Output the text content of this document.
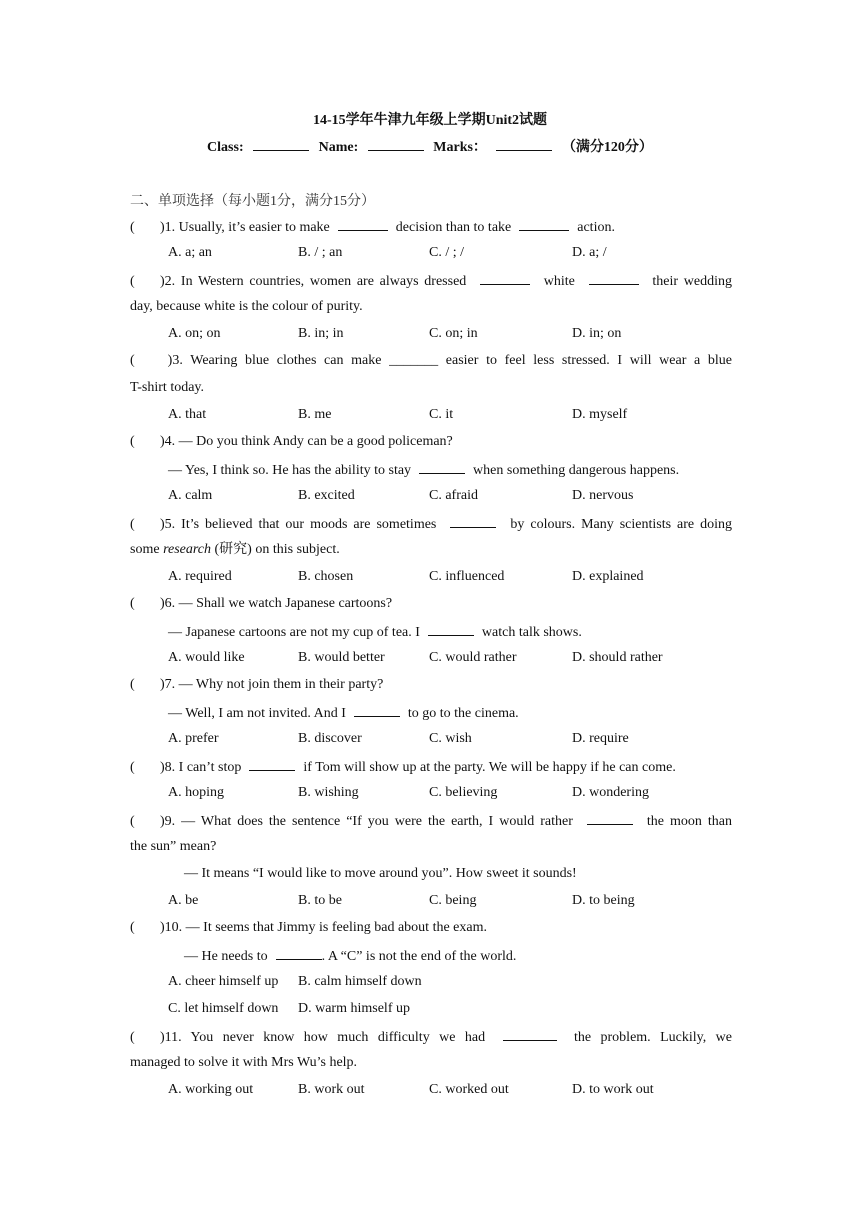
14-15学年牛津九年级上学期Unit2试题
Class:	Name:	Marks：	（满分120分）
二、单项选择（每小题1分，满分15分）
( )1. Usually, it’s easier to make	decision than to take	action.
A. a; an	B. / ; an	C. / ; /	D. a; /
( )2. In Western countries, women are always dressed	white	their wedding
day, because white is the colour of purity.
A. on; on	B. in; in	C. on; in	D. in; on
( )3. Wearing blue clothes can make _______ easier to feel less stressed. I will wear a blue
T-shirt today.
A. that	B. me	C. it	D. myself
( )4. — Do you think Andy can be a good policeman?
— Yes, I think so. He has the ability to stay	when something dangerous happens.
A. calm	B. excited	C. afraid	D. nervous
( )5. It’s believed that our moods are sometimes	by colours. Many scientists are doing
some research (研究) on this subject.
A. required	B. chosen	C. influenced	D. explained
( )6. — Shall we watch Japanese cartoons?
— Japanese cartoons are not my cup of tea. I	watch talk shows.
A. would like	B. would better	C. would rather	D. should rather
( )7. — Why not join them in their party?
— Well, I am not invited. And I	to go to the cinema.
A. prefer	B. discover	C. wish	D. require
( )8. I can’t stop	if Tom will show up at the party. We will be happy if he can come.
A. hoping	B. wishing	C. believing	D. wondering
( )9. — What does the sentence “If you were the earth, I would rather	the moon than
the sun” mean?
— It means “I would like to move around you”. How sweet it sounds!
A. be	B. to be	C. being	D. to being
( )10. — It seems that Jimmy is feeling bad about the exam.
— He needs to	. A “C” is not the end of the world.
A. cheer himself up B. calm himself down
C. let himself down D. warm himself up
( )11. You never know how much difficulty we had	the problem. Luckily, we
managed to solve it with Mrs Wu’s help.
A. working out	B. work out	C. worked out	D. to work out
